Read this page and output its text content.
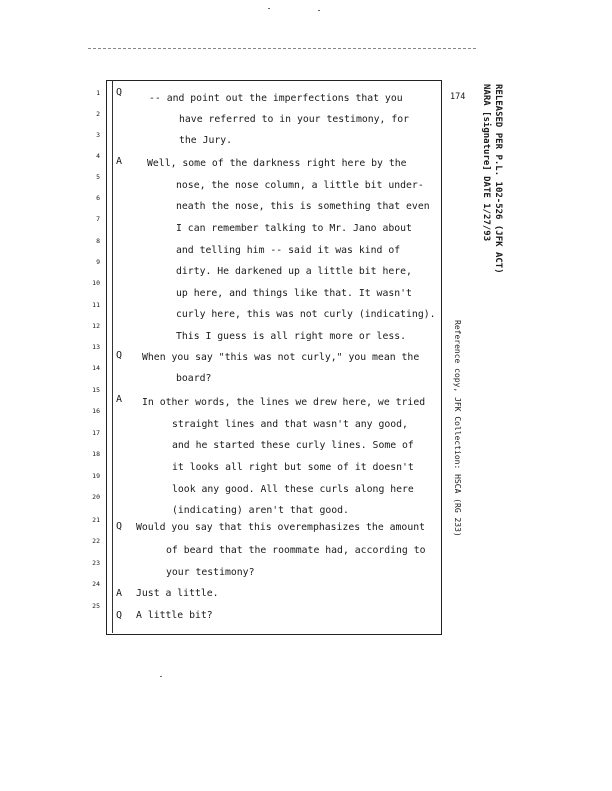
174
1 Q
-- and point out the imperfections that you
2	have referred to in your testimony, for
3	the Jury.
4 A	Well, some of the darkness right here by the
5
nose, the nose column, a little bit under-
6
neath the nose, this is something that even
7
I can remember talking to Mr. Jano about
8
and telling him -- said it was kind of
9
dirty. He darkened up a little bit here,
10
up here, and things like that. It wasn't
11
curly here, this was not curly (indicating).
12
This I guess is all right more or less.
13
Q When you say "this was not curly," you mean the
14
board?
15
A In other words, the lines we drew here, we tried
16
straight lines and that wasn't any good,
17
and he started these curly lines. Some of
18
it looks all right but some of it doesn't
19
look any good. All these curls along here
20
(indicating) aren't that good.
21
Q Would you say that this overemphasizes the amount
22
of beard that the roommate had, according to
23
your testimony?
24
A Just a little.
25
Q A little bit?
RELEASED PER P.L. 102-526 (JFK ACT)
NARA [signature] DATE 1/27/93
Reference copy, JFK Collection: HSCA (RG 233)
